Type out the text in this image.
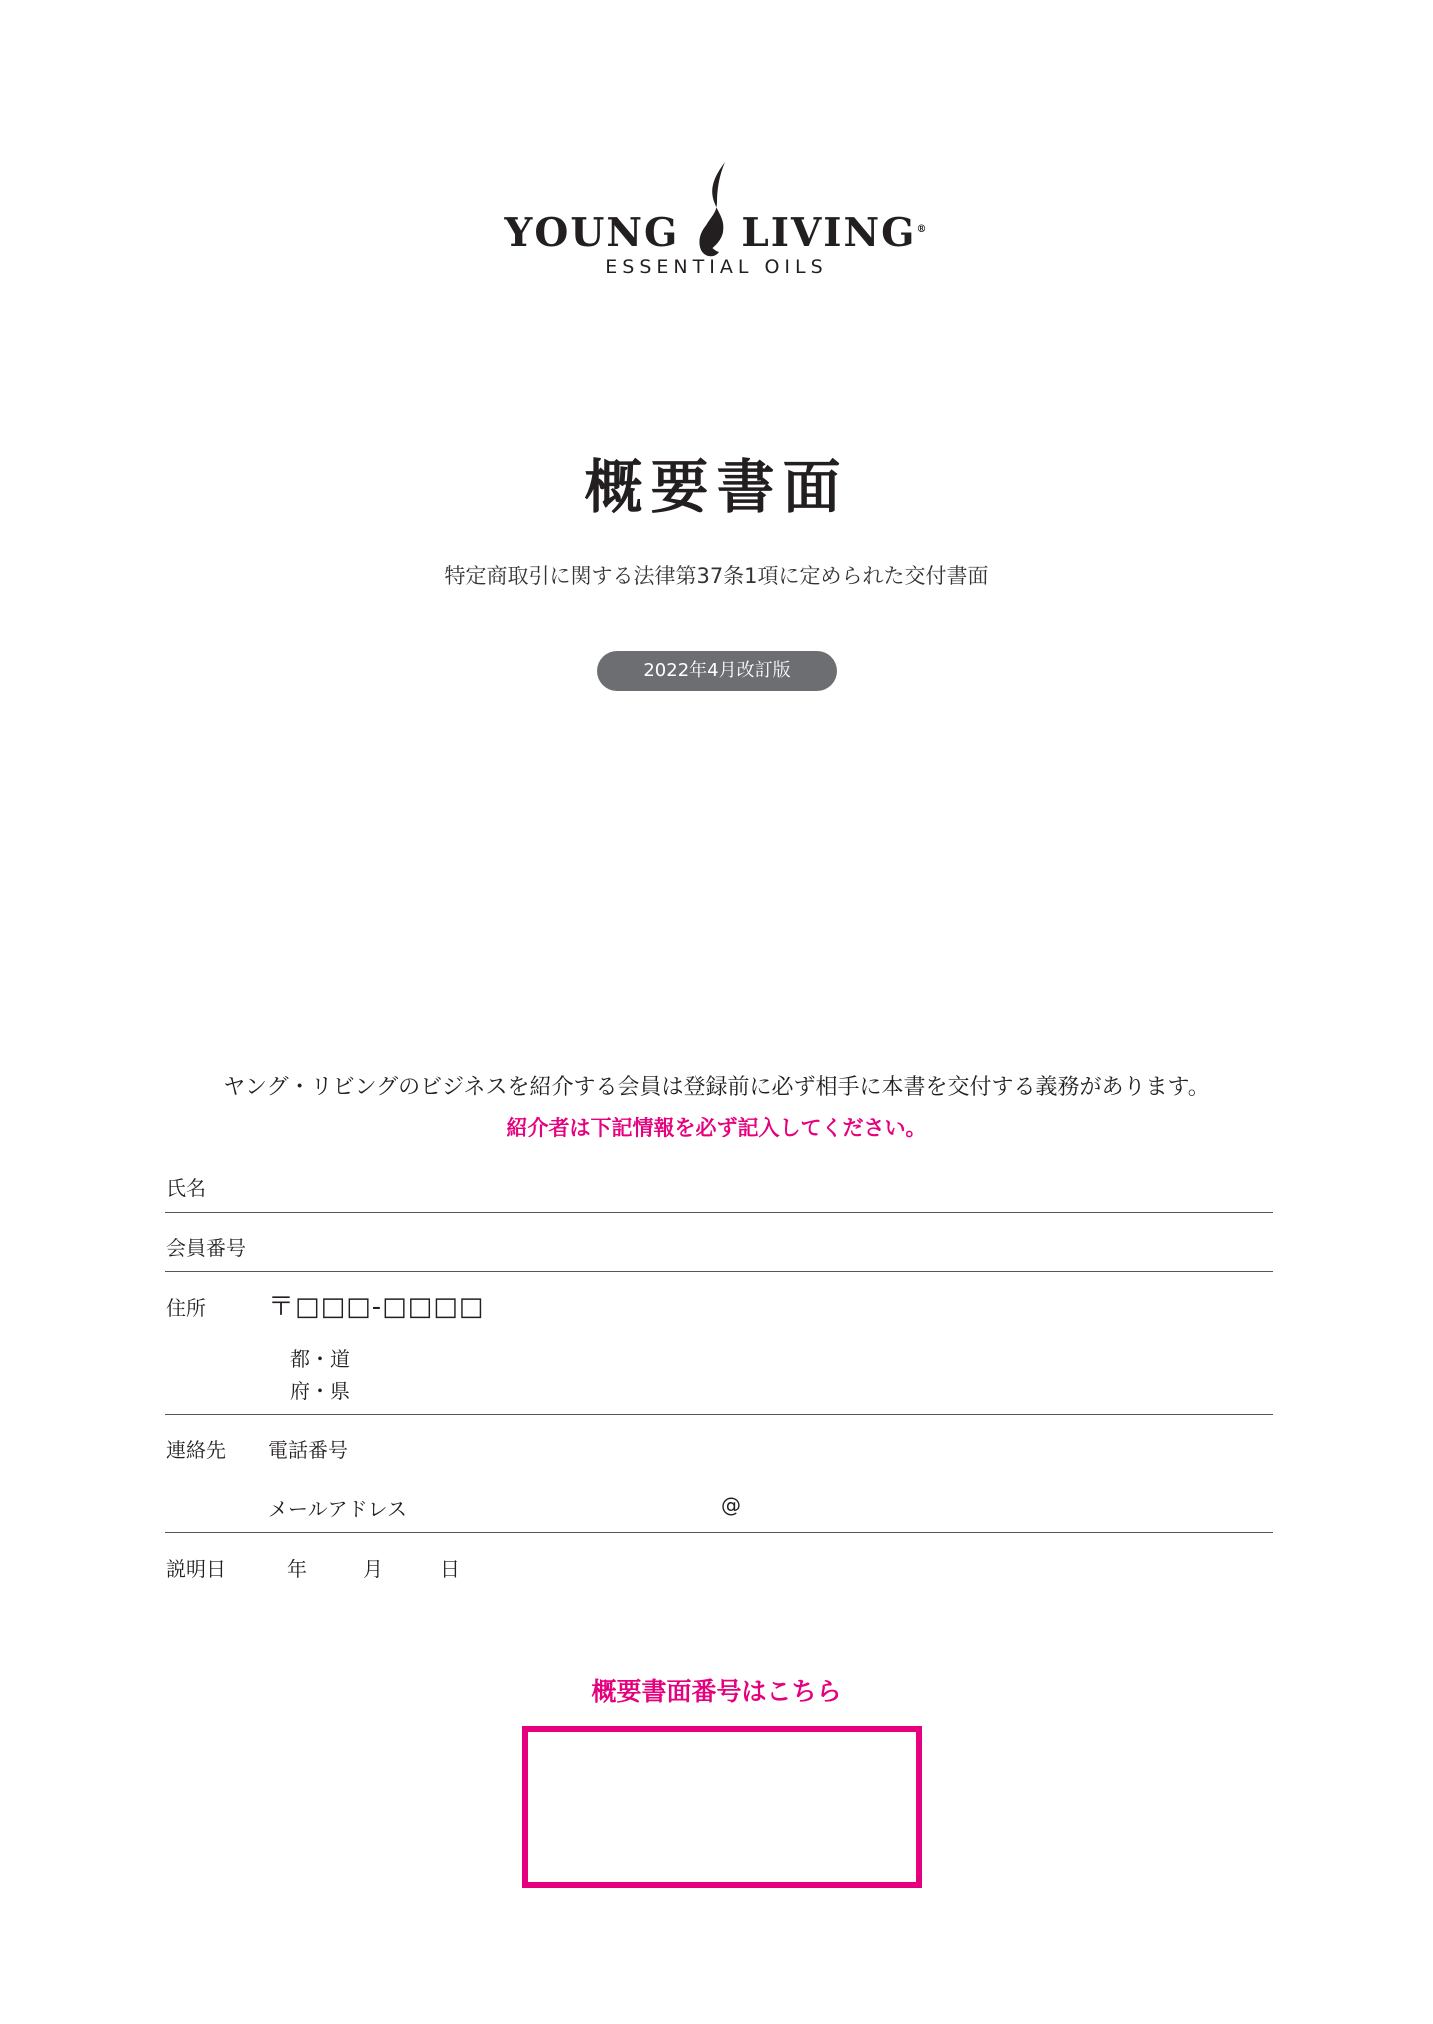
YOUNG LIVING®
ESSENTIAL OILS
概要書面
特定商取引に関する法律第37条1項に定められた交付書面
2022年4月改訂版
ヤング・リビングのビジネスを紹介する会員は登録前に必ず相手に本書を交付する義務があります。
紹介者は下記情報を必ず記入してください。
氏名
会員番号
住所 〒□□□-□□□□
都・道
府・県
連絡先 電話番号
メールアドレス	@
説明日	年	月	日
概要書面番号はこちら
